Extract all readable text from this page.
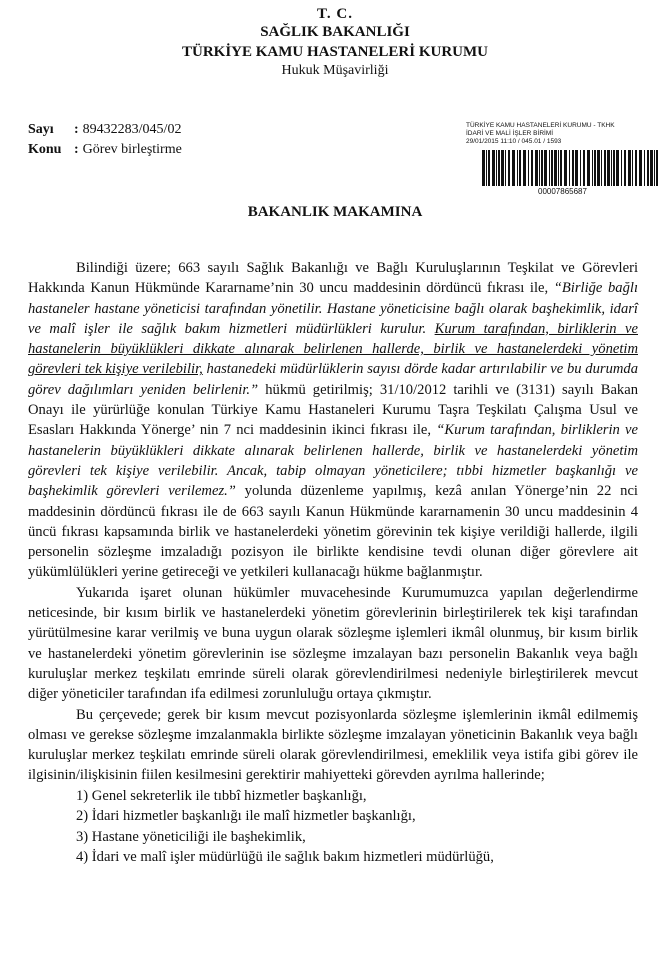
T. C.
SAĞLIK BAKANLIĞI
TÜRKİYE KAMU HASTANELERİ KURUMU
Hukuk Müşavirliği
Sayı : 89432283/045/02
Konu : Görev birleştirme
TÜRKİYE KAMU HASTANELERİ KURUMU - TKHK
İDARİ VE MALİ İŞLER BİRİMİ
29/01/2015 11:10 / 045.01 / 1593
00007865687
BAKANLIK MAKAMINA

Bilindiği üzere; 663 sayılı Sağlık Bakanlığı ve Bağlı Kuruluşlarının Teşkilat ve Görevleri Hakkında Kanun Hükmünde Kararname’nin 30 uncu maddesinin dördüncü fıkrası ile, “Birliğe bağlı hastaneler hastane yöneticisi tarafından yönetilir. Hastane yöneticisine bağlı olarak başhekimlik, idarî ve malî işler ile sağlık bakım hizmetleri müdürlükleri kurulur. Kurum tarafından, birliklerin ve hastanelerin büyüklükleri dikkate alınarak belirlenen hallerde, birlik ve hastanelerdeki yönetim görevleri tek kişiye verilebilir, hastanedeki müdürlüklerin sayısı dörde kadar artırılabilir ve bu durumda görev dağılımları yeniden belirlenir.” hükmü getirilmiş; 31/10/2012 tarihli ve (3131) sayılı Bakan Onayı ile yürürlüğe konulan Türkiye Kamu Hastaneleri Kurumu Taşra Teşkilatı Çalışma Usul ve Esasları Hakkında Yönerge’ nin 7 nci maddesinin ikinci fıkrası ile, “Kurum tarafından, birliklerin ve hastanelerin büyüklükleri dikkate alınarak belirlenen hallerde, birlik ve hastanelerdeki yönetim görevleri tek kişiye verilebilir. Ancak, tabip olmayan yöneticilere; tıbbi hizmetler başkanlığı ve başhekimlik görevleri verilemez.” yolunda düzenleme yapılmış, kezâ anılan Yönerge’nin 22 nci maddesinin dördüncü fıkrası ile de 663 sayılı Kanun Hükmünde kararnamenin 30 uncu maddesinin 4 üncü fıkrası kapsamında birlik ve hastanelerdeki yönetim görevinin tek kişiye verildiği hallerde, ilgili personelin sözleşme imzaladığı pozisyon ile birlikte kendisine tevdi olunan diğer görevlere ait yükümlülükleri yerine getireceği ve yetkileri kullanacağı hükme bağlanmıştır.

Yukarıda işaret olunan hükümler muvacehesinde Kurumumuzca yapılan değerlendirme neticesinde, bir kısım birlik ve hastanelerdeki yönetim görevlerinin birleştirilerek tek kişi tarafından yürütülmesine karar verilmiş ve buna uygun olarak sözleşme işlemleri ikmâl olunmuş, bir kısım birlik ve hastanelerdeki yönetim görevlerinin ise sözleşme imzalayan bazı personelin Bakanlık veya bağlı kuruluşlar merkez teşkilatı emrinde süreli olarak görevlendirilmesi nedeniyle birleştirilerek mevcut diğer yöneticiler tarafından ifa edilmesi zorunluluğu ortaya çıkmıştır.

Bu çerçevede; gerek bir kısım mevcut pozisyonlarda sözleşme işlemlerinin ikmâl edilmemiş olması ve gerekse sözleşme imzalanmakla birlikte sözleşme imzalayan yöneticinin Bakanlık veya bağlı kuruluşlar merkez teşkilatı emrinde süreli olarak görevlendirilmesi, emeklilik veya istifa gibi görev ile ilgisinin/ilişkisinin fiilen kesilmesini gerektirir mahiyetteki görevden ayrılma hallerinde;

1) Genel sekreterlik ile tıbbî hizmetler başkanlığı,
2) İdari hizmetler başkanlığı ile malî hizmetler başkanlığı,
3) Hastane yöneticiliği ile başhekimlik,
4) İdari ve malî işler müdürlüğü ile sağlık bakım hizmetleri müdürlüğü,
